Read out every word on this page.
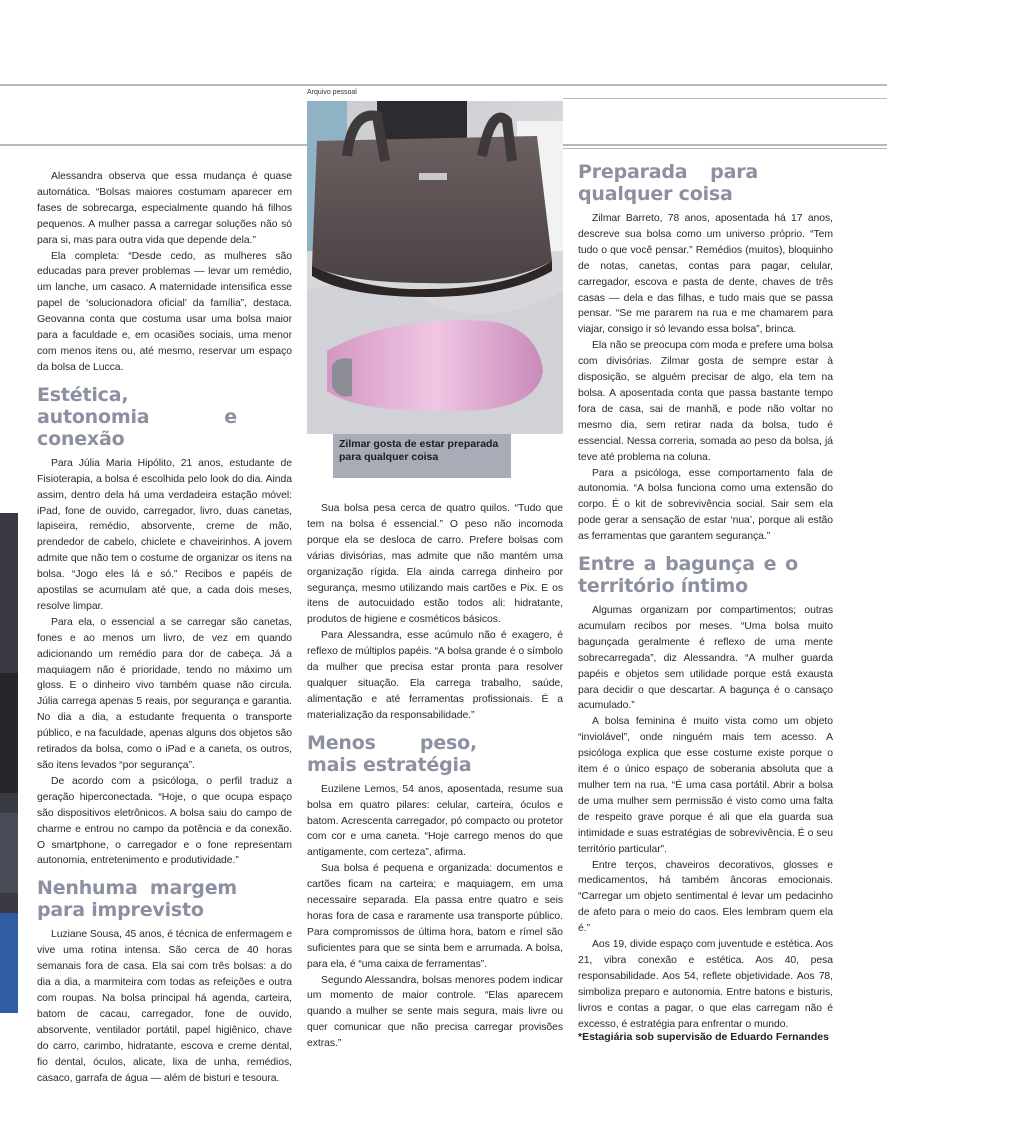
Arquivo pessoal
Zilmar gosta de estar preparada para qualquer coisa

Alessandra observa que essa mudança é quase automática. “Bolsas maiores costumam aparecer em fases de sobrecarga, especialmente quando há filhos pequenos. A mulher passa a carregar soluções não só para si, mas para outra vida que depende dela.”

Ela completa: “Desde cedo, as mulheres são educadas para prever problemas — levar um remédio, um lanche, um casaco. A maternidade intensifica esse papel de ‘solucionadora oficial’ da família”, destaca. Geovanna conta que costuma usar uma bolsa maior para a faculdade e, em ocasiões sociais, uma menor com menos itens ou, até mesmo, reservar um espaço da bolsa de Lucca.

Estética, autonomia e conexão

Para Júlia Maria Hipólito, 21 anos, estudante de Fisioterapia, a bolsa é escolhida pelo look do dia. Ainda assim, dentro dela há uma verdadeira estação móvel: iPad, fone de ouvido, carregador, livro, duas canetas, lapiseira, remédio, absorvente, creme de mão, prendedor de cabelo, chiclete e chaveirinhos. A jovem admite que não tem o costume de organizar os itens na bolsa. “Jogo eles lá e só.” Recibos e papéis de apostilas se acumulam até que, a cada dois meses, resolve limpar.

Para ela, o essencial a se carregar são canetas, fones e ao menos um livro, de vez em quando adicionando um remédio para dor de cabeça. Já a maquiagem não é prioridade, tendo no máximo um gloss. E o dinheiro vivo também quase não circula. Júlia carrega apenas 5 reais, por segurança e garantia. No dia a dia, a estudante frequenta o transporte público, e na faculdade, apenas alguns dos objetos são retirados da bolsa, como o iPad e a caneta, os outros, são itens levados “por segurança”.

De acordo com a psicóloga, o perfil traduz a geração hiperconectada. “Hoje, o que ocupa espaço são dispositivos eletrônicos. A bolsa saiu do campo de charme e entrou no campo da potência e da conexão. O smartphone, o carregador e o fone representam autonomia, entretenimento e produtividade.”

Nenhuma margem para imprevisto

Luziane Sousa, 45 anos, é técnica de enfermagem e vive uma rotina intensa. São cerca de 40 horas semanais fora de casa. Ela sai com três bolsas: a do dia a dia, a marmiteira com todas as refeições e outra com roupas. Na bolsa principal há agenda, carteira, batom de cacau, carregador, fone de ouvido, absorvente, ventilador portátil, papel higiênico, chave do carro, carimbo, hidratante, escova e creme dental, fio dental, óculos, alicate, lixa de unha, remédios, casaco, garrafa de água — além de bisturi e tesoura.

Sua bolsa pesa cerca de quatro quilos. “Tudo que tem na bolsa é essencial.” O peso não incomoda porque ela se desloca de carro. Prefere bolsas com várias divisórias, mas admite que não mantém uma organização rígida. Ela ainda carrega dinheiro por segurança, mesmo utilizando mais cartões e Pix. E os itens de autocuidado estão todos ali: hidratante, produtos de higiene e cosméticos básicos.

Para Alessandra, esse acúmulo não é exagero, é reflexo de múltiplos papéis. “A bolsa grande é o símbolo da mulher que precisa estar pronta para resolver qualquer situação. Ela carrega trabalho, saúde, alimentação e até ferramentas profissionais. É a materialização da responsabilidade.”

Menos peso, mais estratégia

Euzilene Lemos, 54 anos, aposentada, resume sua bolsa em quatro pilares: celular, carteira, óculos e batom. Acrescenta carregador, pó compacto ou protetor com cor e uma caneta. “Hoje carrego menos do que antigamente, com certeza”, afirma.

Sua bolsa é pequena e organizada: documentos e cartões ficam na carteira; e maquiagem, em uma necessaire separada. Ela passa entre quatro e seis horas fora de casa e raramente usa transporte público. Para compromissos de última hora, batom e rímel são suficientes para que se sinta bem e arrumada. A bolsa, para ela, é “uma caixa de ferramentas”.

Segundo Alessandra, bolsas menores podem indicar um momento de maior controle. “Elas aparecem quando a mulher se sente mais segura, mais livre ou quer comunicar que não precisa carregar provisões extras.”

Preparada para qualquer coisa

Zilmar Barreto, 78 anos, aposentada há 17 anos, descreve sua bolsa como um universo próprio. “Tem tudo o que você pensar.” Remédios (muitos), bloquinho de notas, canetas, contas para pagar, celular, carregador, escova e pasta de dente, chaves de três casas — dela e das filhas, e tudo mais que se passa pensar. “Se me pararem na rua e me chamarem para viajar, consigo ir só levando essa bolsa”, brinca.

Ela não se preocupa com moda e prefere uma bolsa com divisórias. Zilmar gosta de sempre estar à disposição, se alguém precisar de algo, ela tem na bolsa. A aposentada conta que passa bastante tempo fora de casa, sai de manhã, e pode não voltar no mesmo dia, sem retirar nada da bolsa, tudo é essencial. Nessa correria, somada ao peso da bolsa, já teve até problema na coluna.

Para a psicóloga, esse comportamento fala de autonomia. “A bolsa funciona como uma extensão do corpo. É o kit de sobrevivência social. Sair sem ela pode gerar a sensação de estar ‘nua’, porque ali estão as ferramentas que garantem segurança.”

Entre a bagunça e o território íntimo

Algumas organizam por compartimentos; outras acumulam recibos por meses. “Uma bolsa muito bagunçada geralmente é reflexo de uma mente sobrecarregada”, diz Alessandra. “A mulher guarda papéis e objetos sem utilidade porque está exausta para decidir o que descartar. A bagunça é o cansaço acumulado.”

A bolsa feminina é muito vista como um objeto “inviolável”, onde ninguém mais tem acesso. A psicóloga explica que esse costume existe porque o item é o único espaço de soberania absoluta que a mulher tem na rua. “É uma casa portátil. Abrir a bolsa de uma mulher sem permissão é visto como uma falta de respeito grave porque é ali que ela guarda sua intimidade e suas estratégias de sobrevivência. É o seu território particular”.

Entre terços, chaveiros decorativos, glosses e medicamentos, há também âncoras emocionais. “Carregar um objeto sentimental é levar um pedacinho de afeto para o meio do caos. Eles lembram quem ela é.”

Aos 19, divide espaço com juventude e estética. Aos 21, vibra conexão e estética. Aos 40, pesa responsabilidade. Aos 54, reflete objetividade. Aos 78, simboliza preparo e autonomia. Entre batons e bisturis, livros e contas a pagar, o que elas carregam não é excesso, é estratégia para enfrentar o mundo.

*Estagiária sob supervisão de Eduardo Fernandes
